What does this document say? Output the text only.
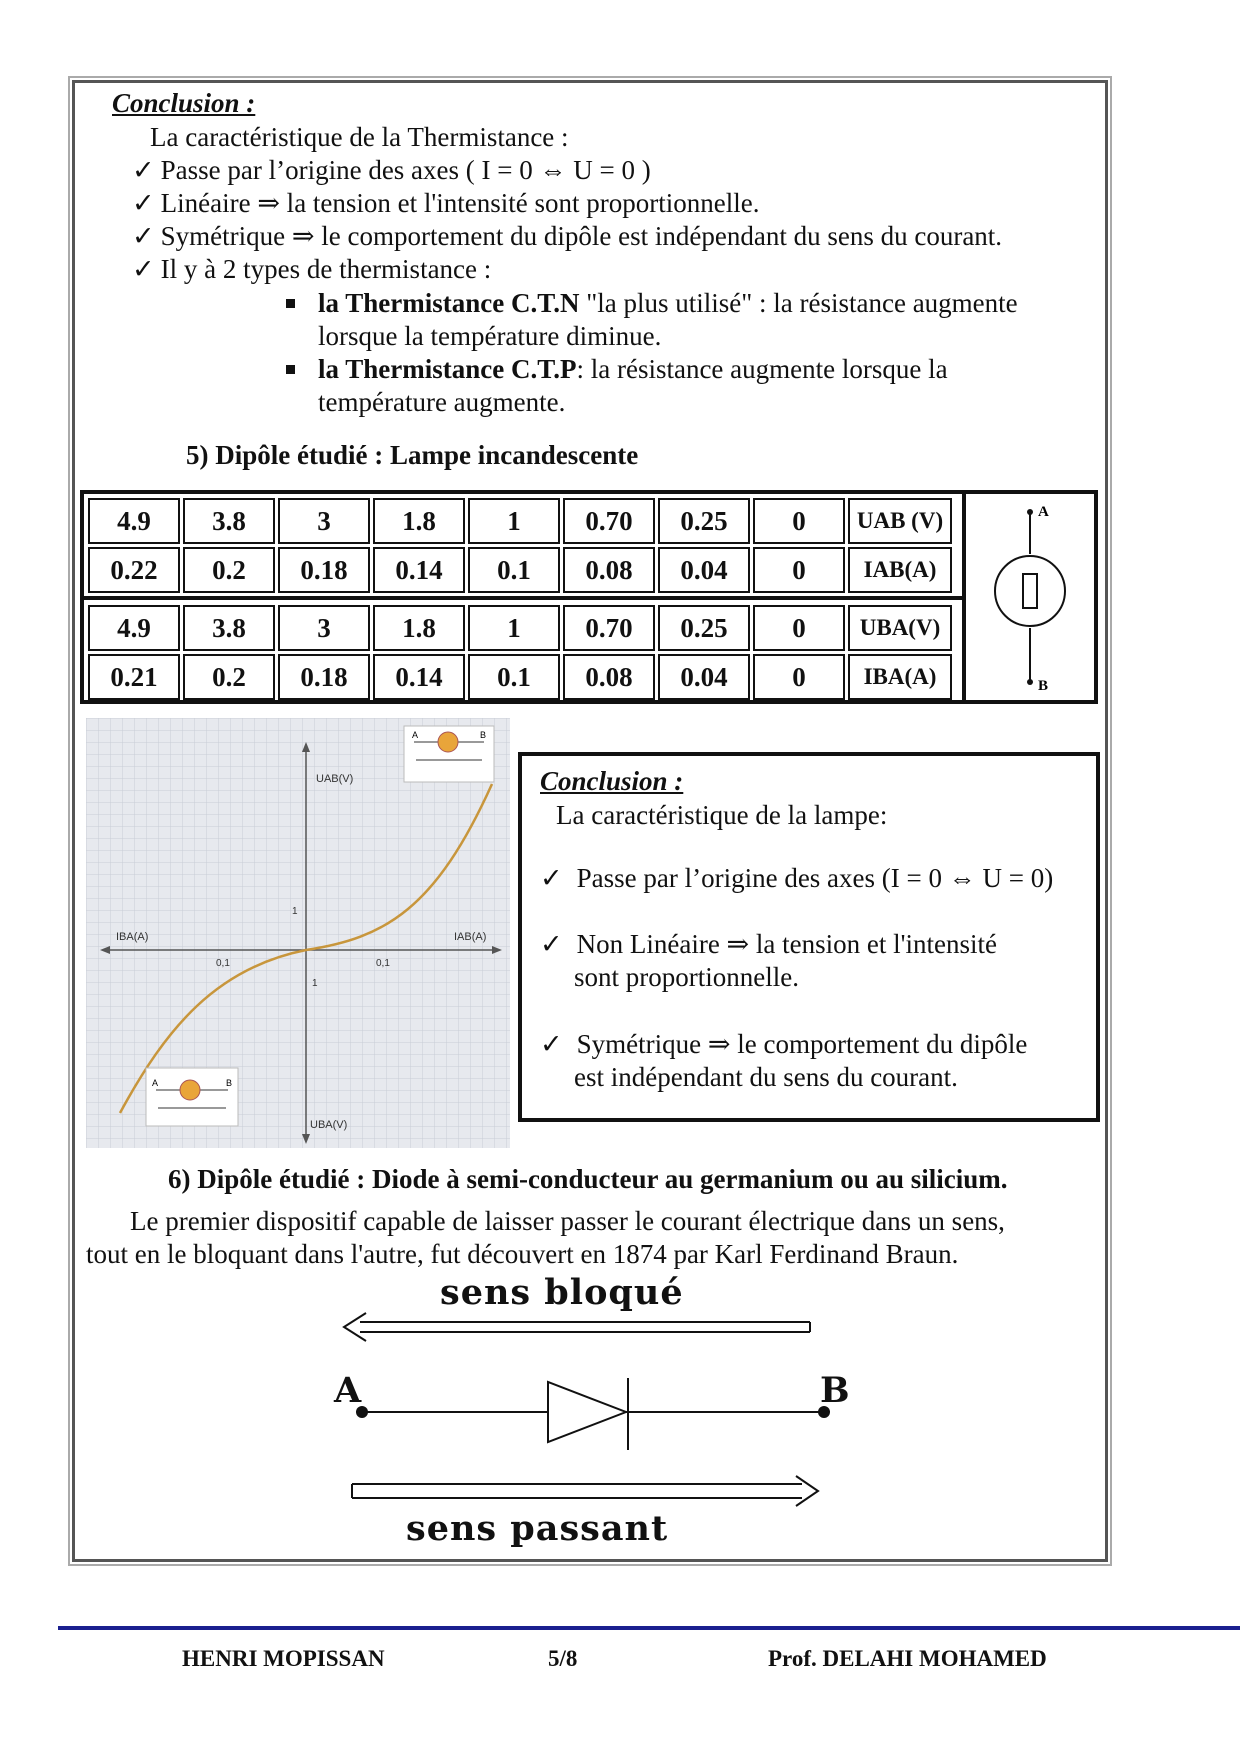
Conclusion :
La caractéristique de la Thermistance :
✓ Passe par l’origine des axes ( I = 0 ⇔ U = 0 )
✓ Linéaire ⇒ la tension et l'intensité sont proportionnelle.
✓ Symétrique ⇒ le comportement du dipôle est indépendant du sens du courant.
✓ Il y à 2 types de thermistance :
la Thermistance C.T.N "la plus utilisé" : la résistance augmente
lorsque la température diminue.
la Thermistance C.T.P: la résistance augmente lorsque la
température augmente.
5) Dipôle étudié : Lampe incandescente
4.9	3.8	3	1.8	1	0.70	0.25	0	UAB (V)
0.22	0.2	0.18	0.14	0.1	0.08	0.04	0	IAB(A)
4.9	3.8	3	1.8	1	0.70	0.25	0	UBA(V)
0.21	0.2	0.18	0.14	0.1	0.08	0.04	0	IBA(A)
A
B
UAB(V)
UBA(V)
IBA(A)	IAB(A)
0,1	0,1
1
1
A	B
A	B
Conclusion :
La caractéristique de la lampe:
✓ Passe par l’origine des axes (I = 0 ⇔ U = 0)
✓ Non Linéaire ⇒ la tension et l'intensité
sont proportionnelle.
✓ Symétrique ⇒ le comportement du dipôle
est indépendant du sens du courant.
6) Dipôle étudié : Diode à semi-conducteur au germanium ou au silicium.
Le premier dispositif capable de laisser passer le courant électrique dans un sens,
tout en le bloquant dans l'autre, fut découvert en 1874 par Karl Ferdinand Braun.
sens bloqué
A	B
sens passant
HENRI MOPISSAN	5/8	Prof. DELAHI MOHAMED
